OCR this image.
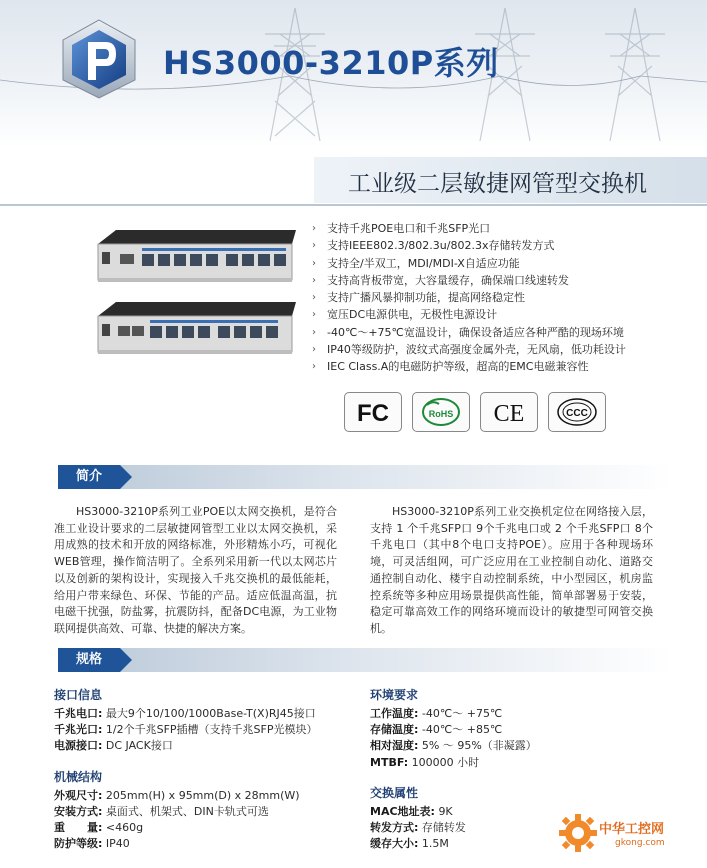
HS3000-3210P系列
工业级二层敏捷网管型交换机
› 支持千兆POE电口和千兆SFP光口
› 支持IEEE802.3/802.3u/802.3x存储转发方式
› 支持全/半双工，MDI/MDI-X自适应功能
› 支持高背板带宽，大容量缓存，确保端口线速转发
› 支持广播风暴抑制功能，提高网络稳定性
› 宽压DC电源供电，无极性电源设计
› -40℃～+75℃宽温设计，确保设备适应各种严酷的现场环境
› IP40等级防护，波纹式高强度金属外壳，无风扇，低功耗设计
› IEC Class.A的电磁防护等级，超高的EMC电磁兼容性
FC	RoHS CE	CCC
简介

HS3000-3210P系列工业POE以太网交换机，是符合准工业设计要求的二层敏捷网管型工业以太网交换机，采用成熟的技术和开放的网络标准，外形精炼小巧，可视化WEB管理，操作简洁明了。全系列采用新一代以太网芯片以及创新的架构设计，实现接入千兆交换机的最低能耗，给用户带来绿色、环保、节能的产品。适应低温高温，抗电磁干扰强，防盐雾，抗震防抖，配备DC电源，为工业物联网提供高效、可靠、快捷的解决方案。

HS3000-3210P系列工业交换机定位在网络接入层，支持 1 个千兆SFP口 9个千兆电口或 2 个千兆SFP口 8个千兆电口（其中8个电口支持POE）。应用于各种现场环境，可灵活组网，可广泛应用在工业控制自动化、道路交通控制自动化、楼宇自动控制系统，中小型园区，机房监控系统等多种应用场景提供高性能，简单部署易于安装，稳定可靠高效工作的网络环境而设计的敏捷型可网管交换机。

规格
接口信息
千兆电口: 最大9个10/100/1000Base-T(X)RJ45接口
千兆光口: 1/2个千兆SFP插槽（支持千兆SFP光模块）
电源接口: DC JACK接口
机械结构
外观尺寸: 205mm(H) x 95mm(D) x 28mm(W)
安装方式: 桌面式、机架式、DIN卡轨式可选
重　　量: <460g
防护等级: IP40
环境要求
工作温度: -40℃～ +75℃
存储温度: -40℃～ +85℃
相对湿度: 5% ～ 95%（非凝露）
MTBF: 100000 小时
交换属性
MAC地址表: 9K
转发方式: 存储转发
缓存大小: 1.5M
中华工控网
gkong.com
